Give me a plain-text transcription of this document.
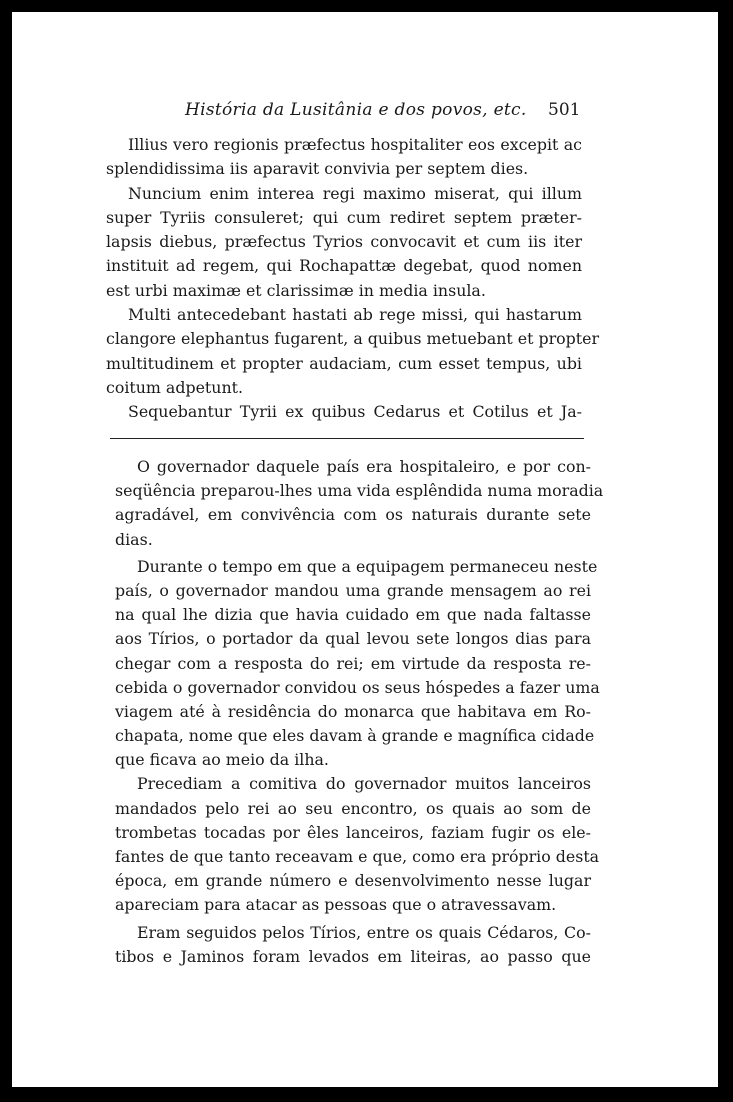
História da Lusitânia e dos povos, etc. 501
Illius vero regionis præfectus hospitaliter eos excepit ac
splendidissima iis aparavit convivia per septem dies.
Nuncium enim interea regi maximo miserat, qui illum
super Tyriis consuleret; qui cum rediret septem præter-
lapsis diebus, præfectus Tyrios convocavit et cum iis iter
instituit ad regem, qui Rochapattæ degebat, quod nomen
est urbi maximæ et clarissimæ in media insula.
Multi antecedebant hastati ab rege missi, qui hastarum
clangore elephantus fugarent, a quibus metuebant et propter
multitudinem et propter audaciam, cum esset tempus, ubi
coitum adpetunt.
Sequebantur Tyrii ex quibus Cedarus et Cotilus et Ja-
O governador daquele país era hospitaleiro, e por con-
seqüência preparou-lhes uma vida esplêndida numa moradia
agradável, em convivência com os naturais durante sete
dias.
Durante o tempo em que a equipagem permaneceu neste
país, o governador mandou uma grande mensagem ao rei
na qual lhe dizia que havia cuidado em que nada faltasse
aos Tírios, o portador da qual levou sete longos dias para
chegar com a resposta do rei; em virtude da resposta re-
cebida o governador convidou os seus hóspedes a fazer uma
viagem até à residência do monarca que habitava em Ro-
chapata, nome que eles davam à grande e magnífica cidade
que ficava ao meio da ilha.
Precediam a comitiva do governador muitos lanceiros
mandados pelo rei ao seu encontro, os quais ao som de
trombetas tocadas por êles lanceiros, faziam fugir os ele-
fantes de que tanto receavam e que, como era próprio desta
época, em grande número e desenvolvimento nesse lugar
apareciam para atacar as pessoas que o atravessavam.
Eram seguidos pelos Tírios, entre os quais Cédaros, Co-
tibos e Jaminos foram levados em liteiras, ao passo que
